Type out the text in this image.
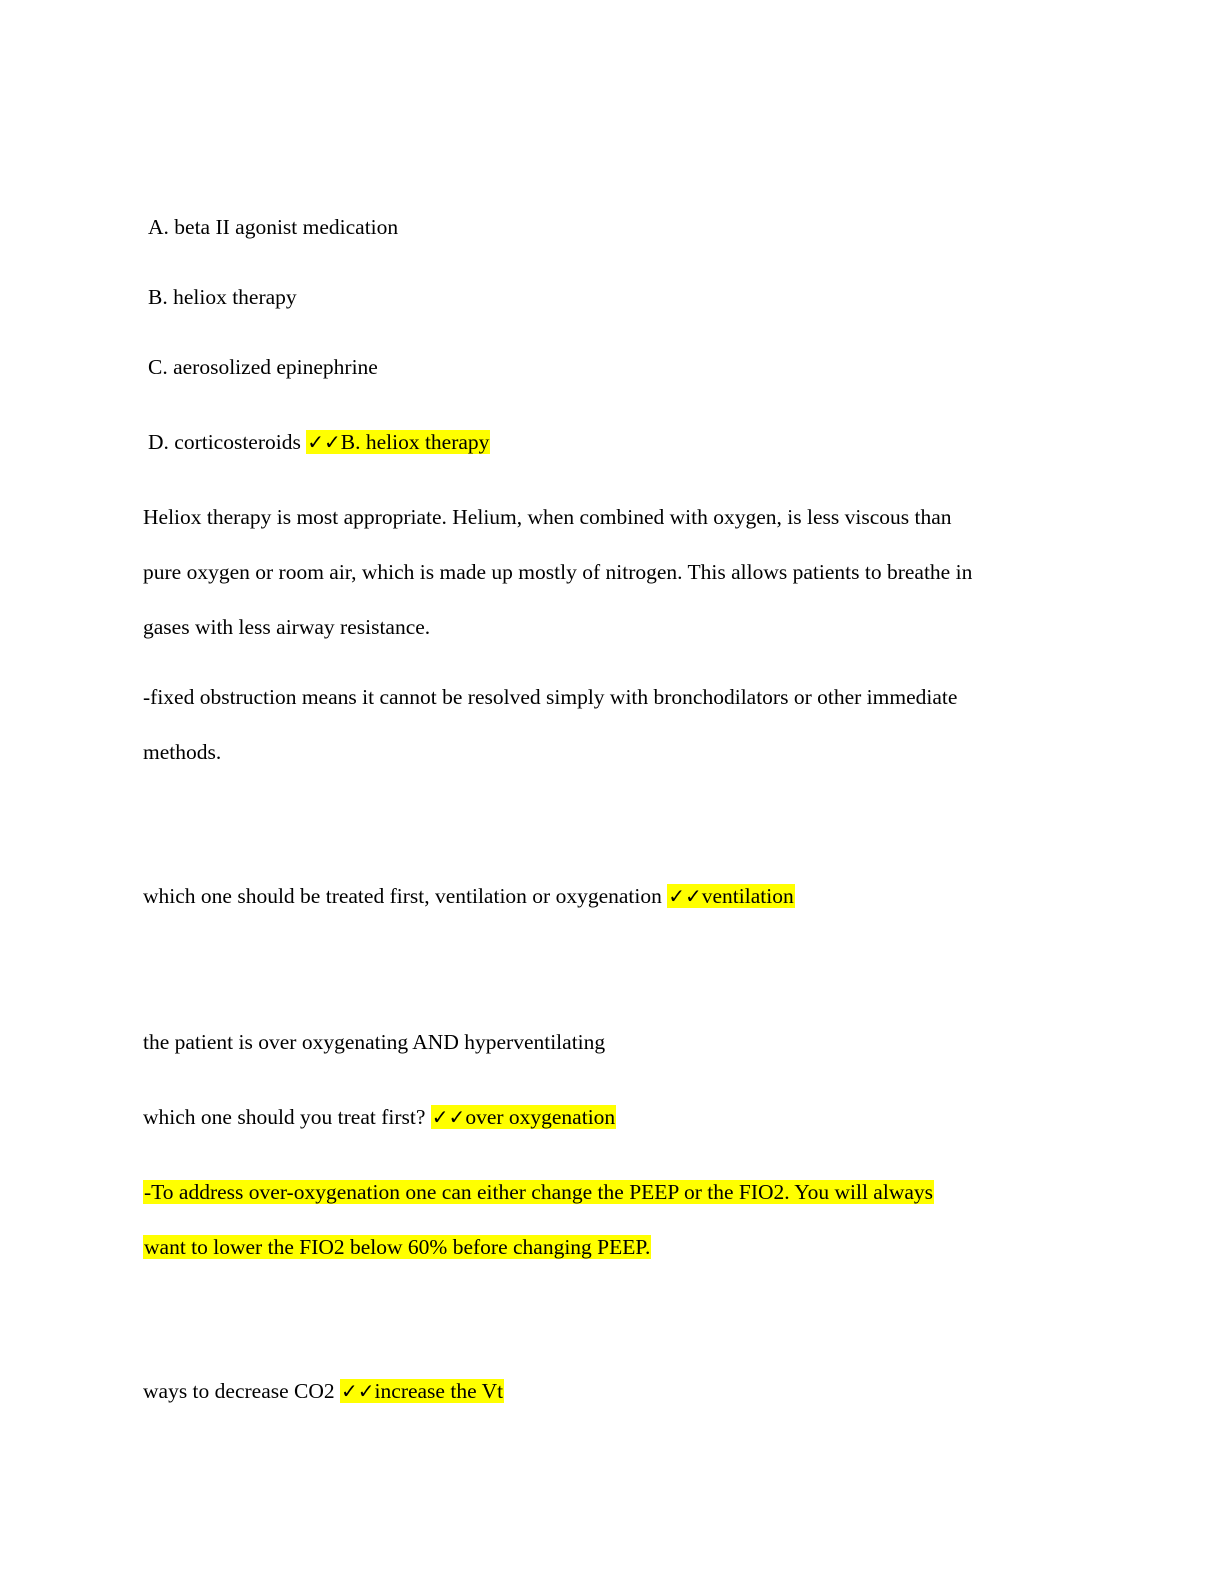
A. beta II agonist medication
B. heliox therapy
C. aerosolized epinephrine
D. corticosteroids ✓✓B. heliox therapy
Heliox therapy is most appropriate. Helium, when combined with oxygen, is less viscous than
pure oxygen or room air, which is made up mostly of nitrogen. This allows patients to breathe in
gases with less airway resistance.
-fixed obstruction means it cannot be resolved simply with bronchodilators or other immediate
methods.
which one should be treated first, ventilation or oxygenation ✓✓ventilation
the patient is over oxygenating AND hyperventilating
which one should you treat first? ✓✓over oxygenation
-To address over-oxygenation one can either change the PEEP or the FIO2. You will always
want to lower the FIO2 below 60% before changing PEEP.
ways to decrease CO2 ✓✓increase the Vt
